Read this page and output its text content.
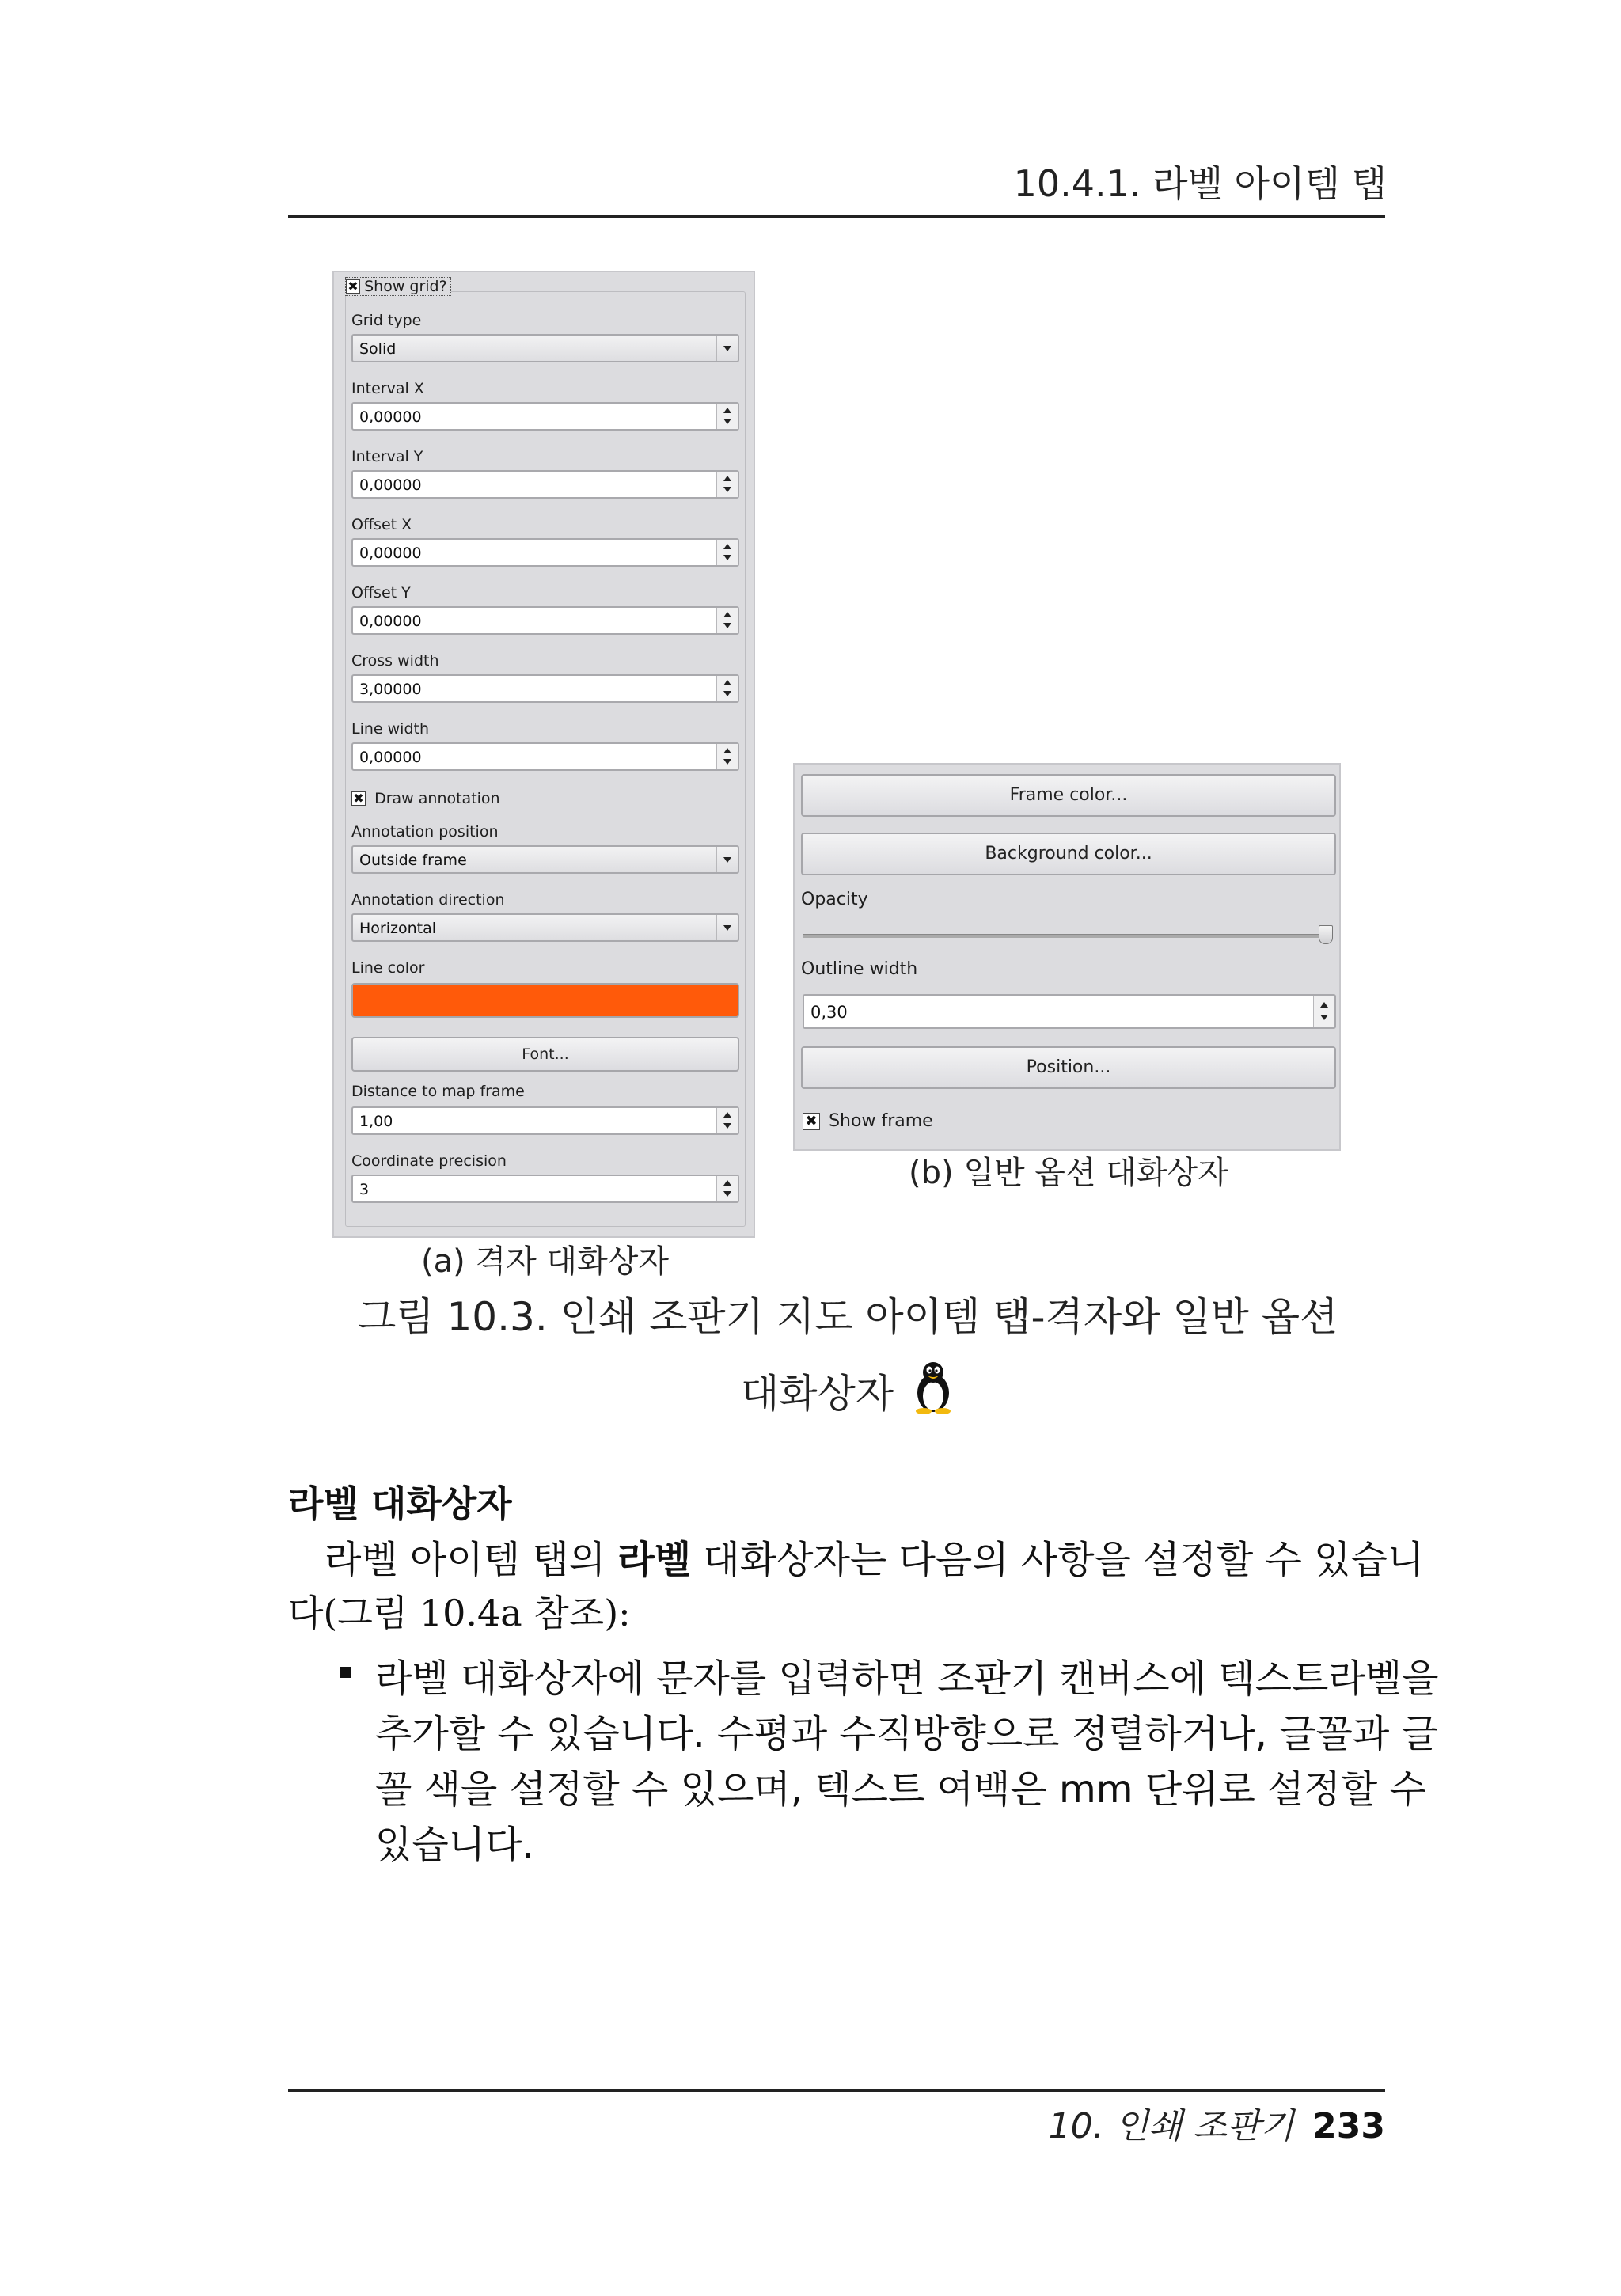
10.4.1. 라벨 아이템 탭
✖ Show grid?
Grid type
Solid
Interval X
0,00000
Interval Y
0,00000
Offset X
0,00000
Offset Y
0,00000
Cross width
3,00000
Line width
0,00000
✖ Draw annotation
Annotation position
Outside frame
Annotation direction
Horizontal
Line color
Font...
Distance to map frame
1,00
Coordinate precision
3
Frame color...
Background color...
Opacity
Outline width
0,30
Position...
✖ Show frame
(b) 일반 옵션 대화상자
(a) 격자 대화상자
그림 10.3. 인쇄 조판기 지도 아이템 탭-격자와 일반 옵션
대화상자
라벨 대화상자
라벨 아이템 탭의 라벨 대화상자는 다음의 사항을 설정할 수 있습니
다(그림 10.4a 참조):
라벨 대화상자에 문자를 입력하면 조판기 캔버스에 텍스트라벨을
추가할 수 있습니다. 수평과 수직방향으로 정렬하거나, 글꼴과 글
꼴 색을 설정할 수 있으며, 텍스트 여백은 mm 단위로 설정할 수
있습니다.
10. 인쇄 조판기 233
